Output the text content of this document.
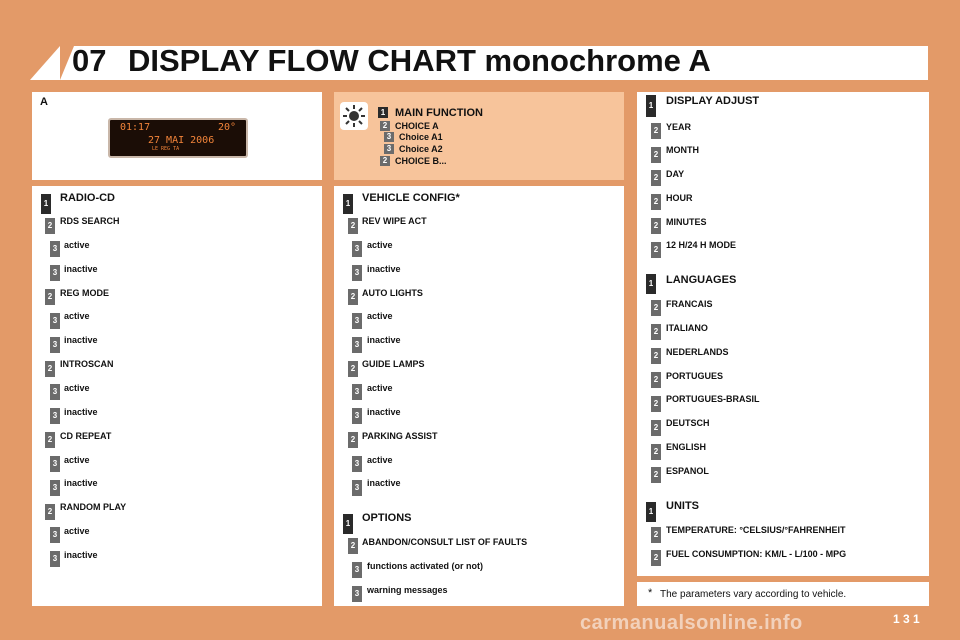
07 DISPLAY FLOW CHART monochrome A
A
01:17	20°
27 MAI 2006
LE REG TA
1 MAIN FUNCTION
2 CHOICE A
3 Choice A1
3 Choice A2
2 CHOICE B...
1 RADIO-CD
2 RDS SEARCH
3 active
3 inactive
2 REG MODE
3 active
3 inactive
2 INTROSCAN
3 active
3 inactive
2 CD REPEAT
3 active
3 inactive
2 RANDOM PLAY
3 active
3 inactive
1 VEHICLE CONFIG*
2 REV WIPE ACT
3 active
3 inactive
2 AUTO LIGHTS
3 active
3 inactive
2 GUIDE LAMPS
3 active
3 inactive
2 PARKING ASSIST
3 active
3 inactive
1 OPTIONS
2 ABANDON/CONSULT LIST OF FAULTS
3 functions activated (or not)
3 warning messages
1 DISPLAY ADJUST
2 YEAR
2 MONTH
2 DAY
2 HOUR
2 MINUTES
2 12 H/24 H MODE
1 LANGUAGES
2 FRANCAIS
2 ITALIANO
2 NEDERLANDS
2 PORTUGUES
2 PORTUGUES-BRASIL
2 DEUTSCH
2 ENGLISH
2 ESPANOL
1 UNITS
2 TEMPERATURE: °CELSIUS/°FAHRENHEIT
2 FUEL CONSUMPTION: KM/L - L/100 - MPG
* The parameters vary according to vehicle.
carmanualsonline.info	1 3 1
